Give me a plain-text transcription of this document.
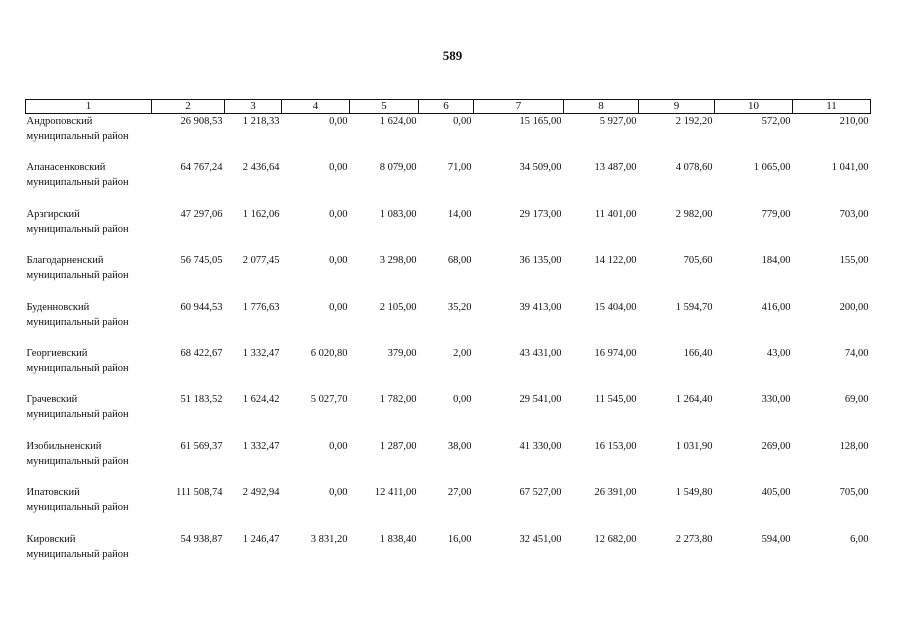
589
1	2	3	4	5	6	7	8	9	10	11

Андроповский
муниципальный район	26 908,53	1 218,33	0,00	1 624,00	0,00	15 165,00	5 927,00	2 192,20	572,00	210,00

Апанасенковский
муниципальный район	64 767,24	2 436,64	0,00	8 079,00	71,00	34 509,00	13 487,00	4 078,60	1 065,00	1 041,00

Арзгирский
муниципальный район	47 297,06	1 162,06	0,00	1 083,00	14,00	29 173,00	11 401,00	2 982,00	779,00	703,00

Благодарненский
муниципальный район	56 745,05	2 077,45	0,00	3 298,00	68,00	36 135,00	14 122,00	705,60	184,00	155,00

Буденновский
муниципальный район	60 944,53	1 776,63	0,00	2 105,00	35,20	39 413,00	15 404,00	1 594,70	416,00	200,00

Георгиевский
муниципальный район	68 422,67	1 332,47	6 020,80	379,00	2,00	43 431,00	16 974,00	166,40	43,00	74,00

Грачевский
муниципальный район	51 183,52	1 624,42	5 027,70	1 782,00	0,00	29 541,00	11 545,00	1 264,40	330,00	69,00

Изобильненский
муниципальный район	61 569,37	1 332,47	0,00	1 287,00	38,00	41 330,00	16 153,00	1 031,90	269,00	128,00

Ипатовский
муниципальный район	111 508,74	2 492,94	0,00	12 411,00	27,00	67 527,00	26 391,00	1 549,80	405,00	705,00

Кировский
муниципальный район	54 938,87	1 246,47	3 831,20	1 838,40	16,00	32 451,00	12 682,00	2 273,80	594,00	6,00
